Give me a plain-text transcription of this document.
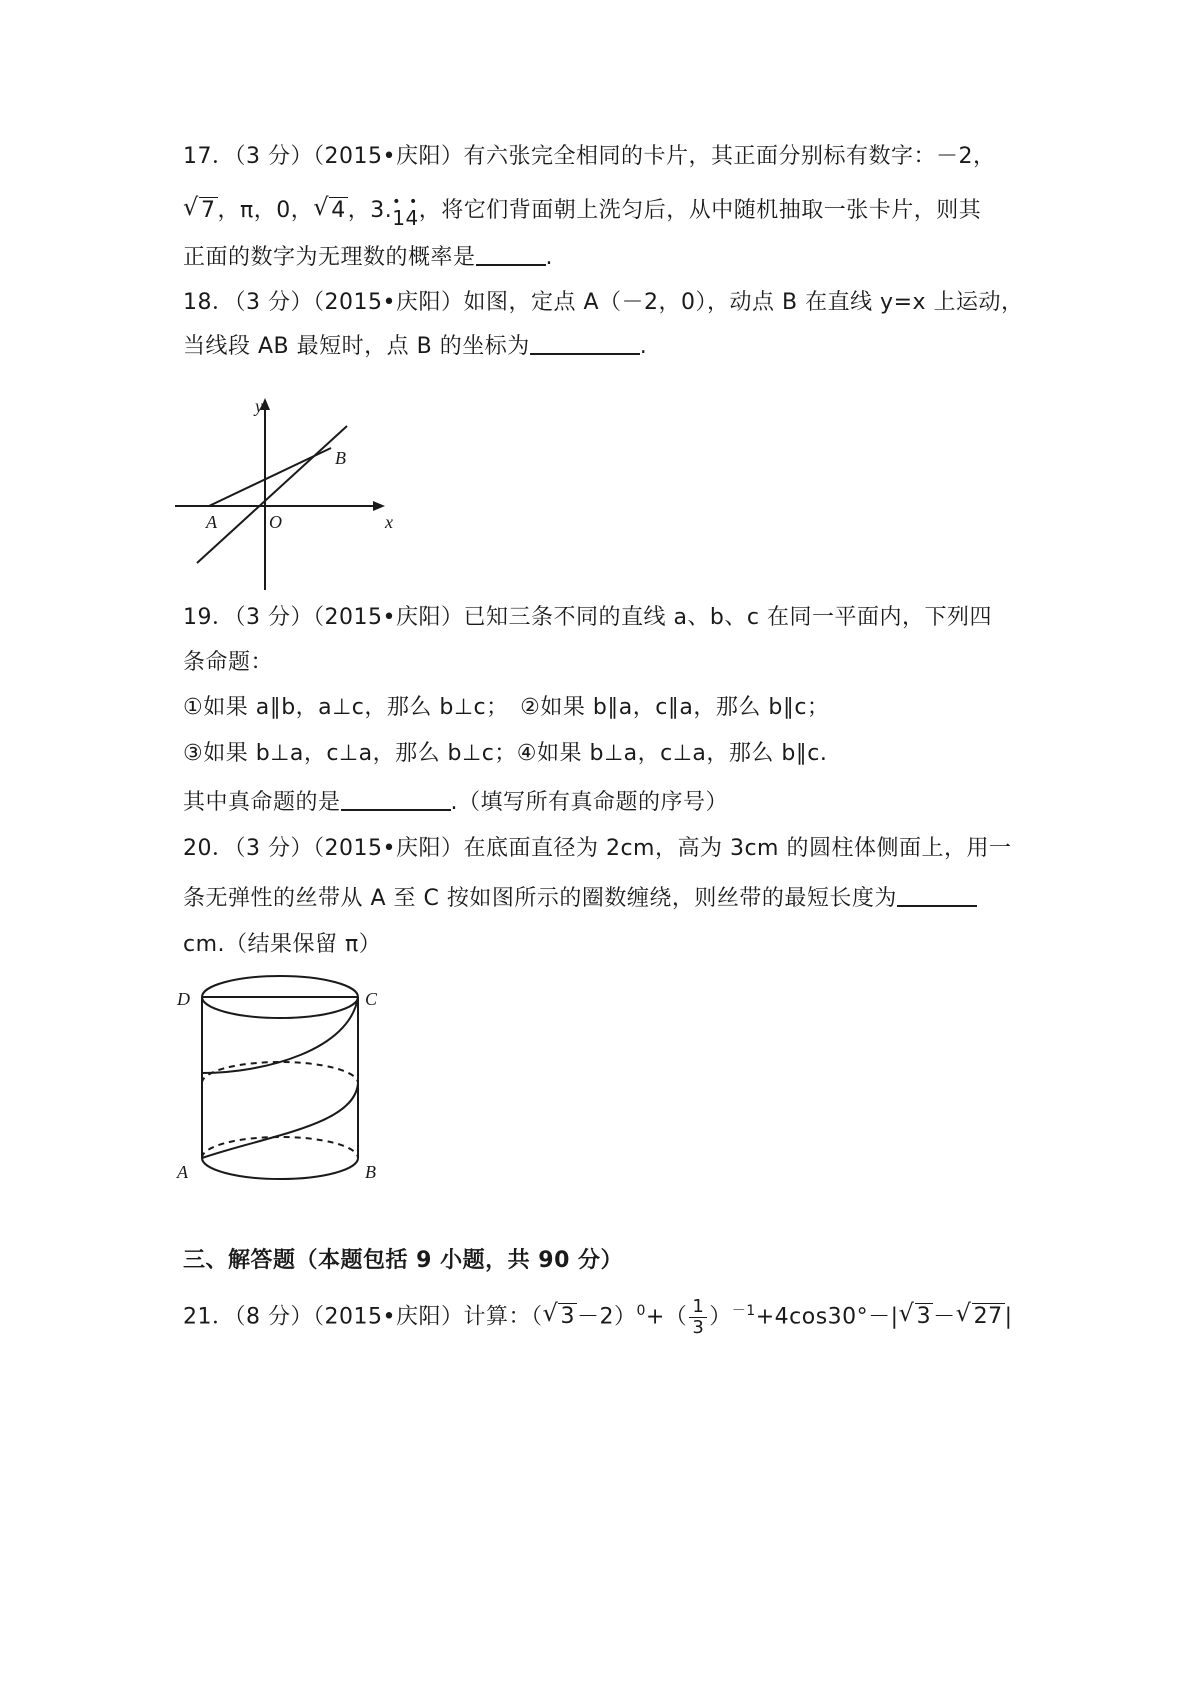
17．（3 分）（2015•庆阳）有六张完全相同的卡片，其正面分别标有数字：－2，
√ 7，π，0，√ 4，3. • •
14，将它们背面朝上洗匀后，从中随机抽取一张卡片，则其
正面的数字为无理数的概率是	.
18．（3 分）（2015•庆阳）如图，定点 A（－2，0），动点 B 在直线 y=x 上运动，
当线段 AB 最短时，点 B 的坐标为	.
y
x
O
A
B
19．（3 分）（2015•庆阳）已知三条不同的直线 a、b、c 在同一平面内，下列四
条命题：
①如果 a∥b，a⊥c，那么 b⊥c；　②如果 b∥a，c∥a，那么 b∥c；
③如果 b⊥a，c⊥a，那么 b⊥c；④如果 b⊥a，c⊥a，那么 b∥c.
其中真命题的是	.（填写所有真命题的序号）
20．（3 分）（2015•庆阳）在底面直径为 2cm，高为 3cm 的圆柱体侧面上，用一
条无弹性的丝带从 A 至 C 按如图所示的圈数缠绕，则丝带的最短长度为
cm.（结果保留 π）
D	C
A	B
三、解答题（本题包括 9 小题，共 90 分）
21．（8 分）（2015•庆阳）计算：（√ $3-2)^0+( \frac{1}{3} )^{-1}+4\cos 30^\circ-|√$ 3－√ 27|
